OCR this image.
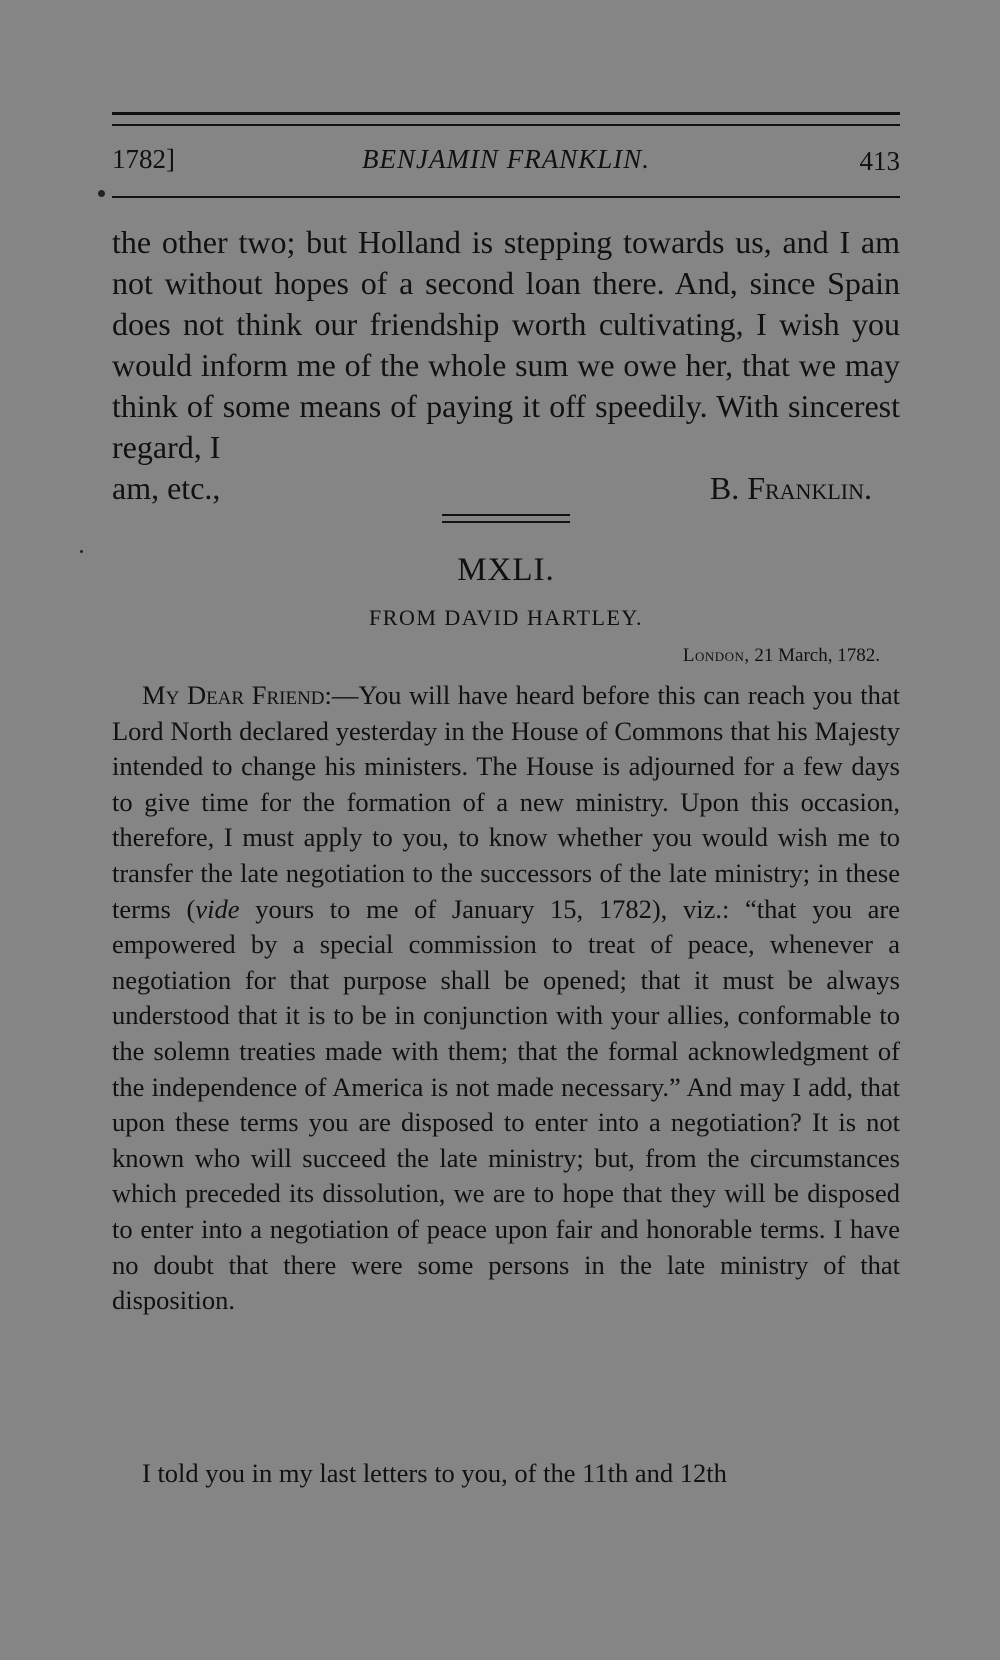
1782]	BENJAMIN FRANKLIN.	413
the other two; but Holland is stepping towards us, and I am not without hopes of a second loan there. And, since Spain does not think our friendship worth cultivating, I wish you would inform me of the whole sum we owe her, that we may think of some means of paying it off speedily. With sincerest regard, I
am, etc.,	B. Franklin.
MXLI.
FROM DAVID HARTLEY.
London, 21 March, 1782.
My Dear Friend:—You will have heard before this can reach you that Lord North declared yesterday in the House of Commons that his Majesty intended to change his ministers. The House is adjourned for a few days to give time for the formation of a new ministry. Upon this occasion, therefore, I must apply to you, to know whether you would wish me to transfer the late negotiation to the successors of the late ministry; in these terms (vide yours to me of January 15, 1782), viz.: “that you are empowered by a special commission to treat of peace, whenever a negotiation for that purpose shall be opened; that it must be always understood that it is to be in conjunction with your allies, conformable to the solemn treaties made with them; that the formal acknowledgment of the independence of America is not made necessary.” And may I add, that upon these terms you are disposed to enter into a negotiation? It is not known who will succeed the late ministry; but, from the circumstances which preceded its dissolution, we are to hope that they will be disposed to enter into a negotiation of peace upon fair and honorable terms. I have no doubt that there were some persons in the late ministry of that disposition.
I told you in my last letters to you, of the 11th and 12th
